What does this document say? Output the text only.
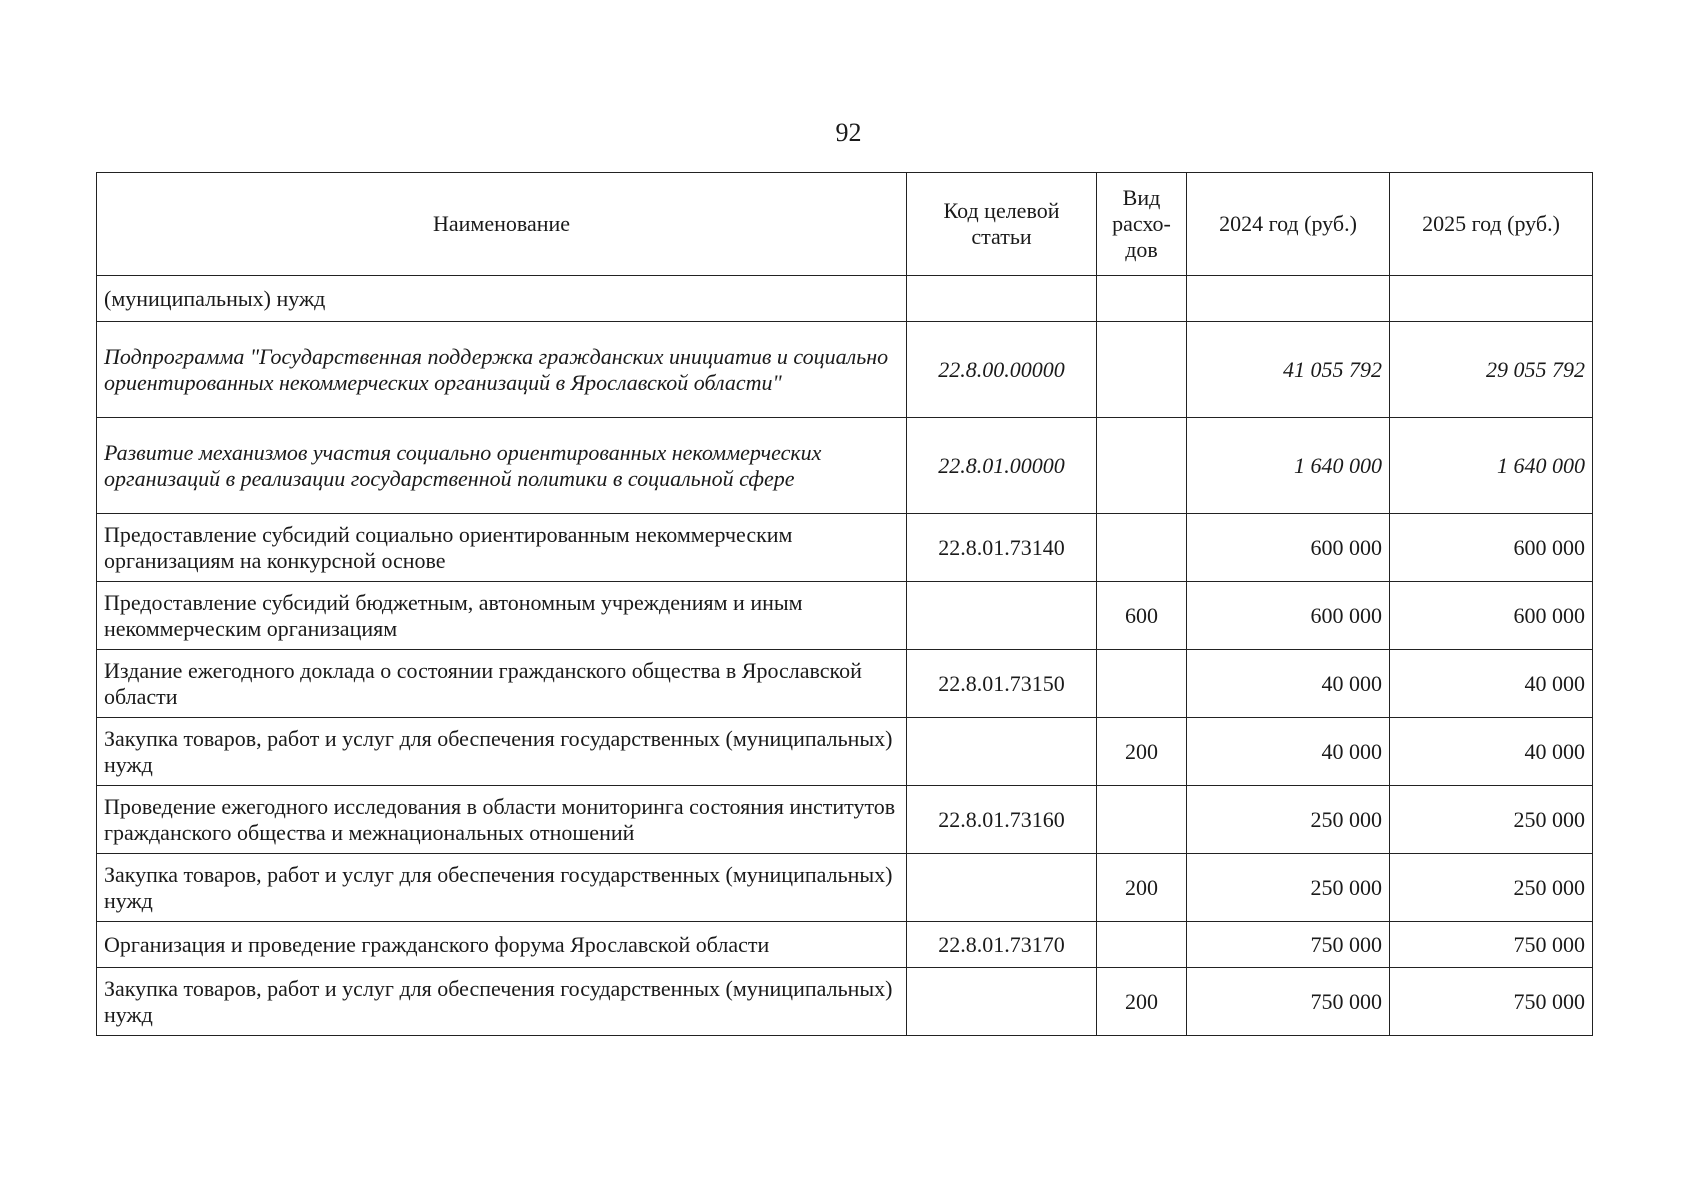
92
Наименование	Код целевой статьи	Вид расхо-дов	2024 год (руб.)	2025 год (руб.)
(муниципальных) нужд				
Подпрограмма "Государственная поддержка гражданских инициатив и социально ориентированных некоммерческих организаций в Ярославской области"	22.8.00.00000		41 055 792	29 055 792
Развитие механизмов участия социально ориентированных некоммерческих организаций в реализации государственной политики в социальной сфере	22.8.01.00000		1 640 000	1 640 000
Предоставление субсидий социально ориентированным некоммерческим организациям на конкурсной основе	22.8.01.73140		600 000	600 000
Предоставление субсидий бюджетным, автономным учреждениям и иным некоммерческим организациям		600	600 000	600 000
Издание ежегодного доклада о состоянии гражданского общества в Ярославской области	22.8.01.73150		40 000	40 000
Закупка товаров, работ и услуг для обеспечения государственных (муниципальных) нужд		200	40 000	40 000
Проведение ежегодного исследования в области мониторинга состояния институтов гражданского общества и межнациональных отношений	22.8.01.73160		250 000	250 000
Закупка товаров, работ и услуг для обеспечения государственных (муниципальных) нужд		200	250 000	250 000
Организация и проведение гражданского форума Ярославской области	22.8.01.73170		750 000	750 000
Закупка товаров, работ и услуг для обеспечения государственных (муниципальных) нужд		200	750 000	750 000
